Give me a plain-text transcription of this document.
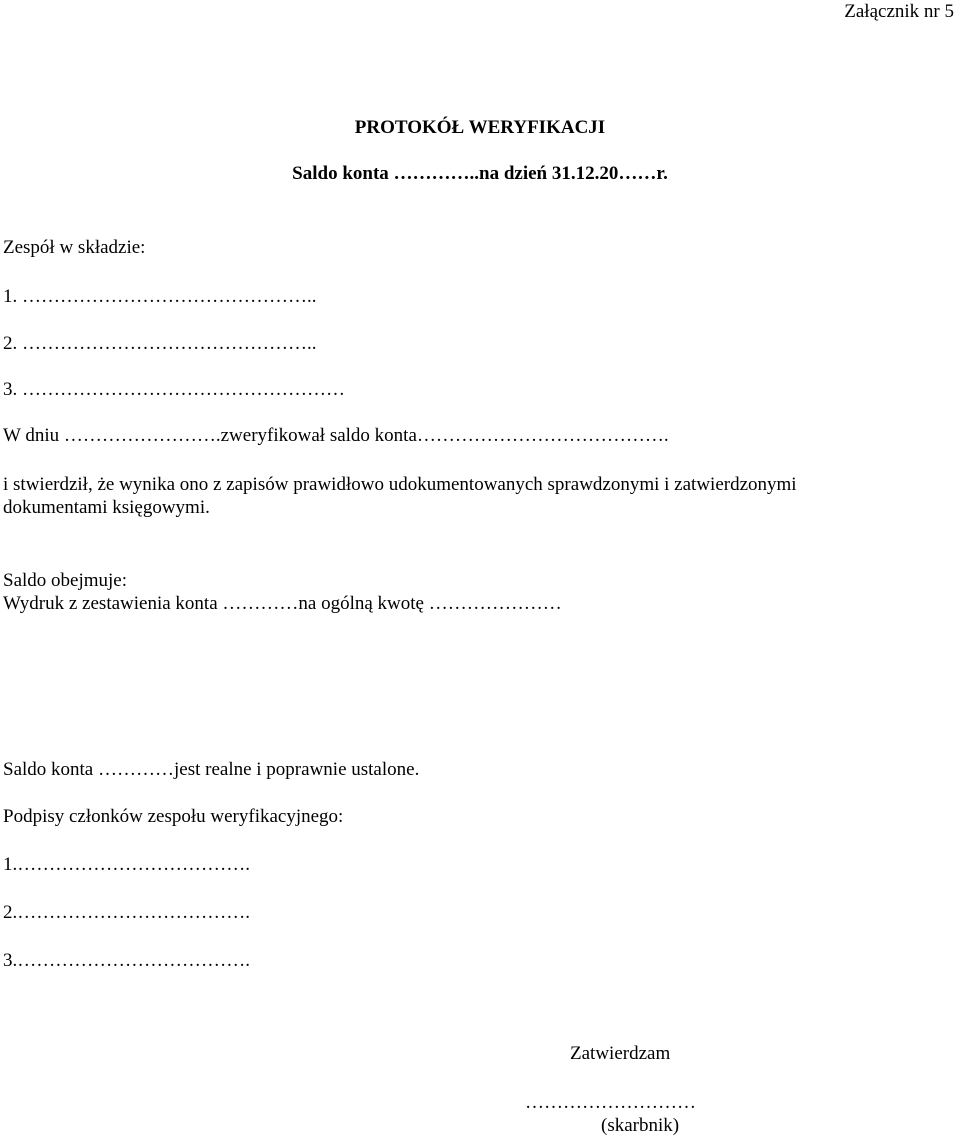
Załącznik nr 5
PROTOKÓŁ WERYFIKACJI
Saldo konta …………..na dzień 31.12.20……r.
Zespół w składzie:
1. ………………………………………..
2. ………………………………………..
3. ……………………………………………
W dniu …………………….zweryfikował saldo konta………………………………….
i stwierdził, że wynika ono z zapisów prawidłowo udokumentowanych sprawdzonymi i zatwierdzonymi
dokumentami księgowymi.
Saldo obejmuje:
Wydruk z zestawienia konta …………na ogólną kwotę …………………
Saldo konta …………jest realne i poprawnie ustalone.
Podpisy członków zespołu weryfikacyjnego:
1.……………………………….
2.……………………………….
3.……………………………….
Zatwierdzam
………………………
(skarbnik)
